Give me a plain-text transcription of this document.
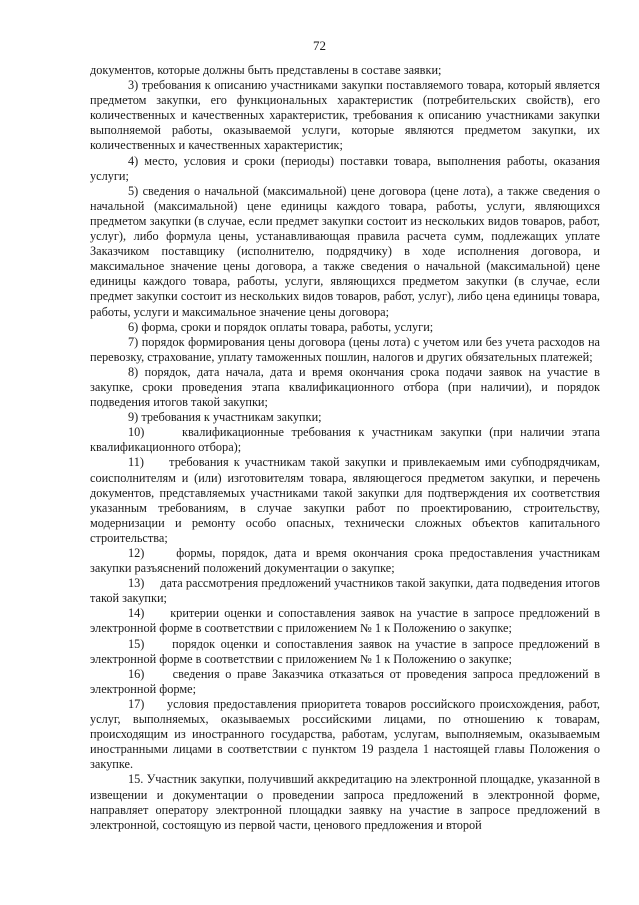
72

документов, которые должны быть представлены в составе заявки;

3) требования к описанию участниками закупки поставляемого товара, который является предметом закупки, его функциональных характеристик (потребительских свойств), его количественных и качественных характеристик, требования к описанию участниками закупки выполняемой работы, оказываемой услуги, которые являются предметом закупки, их количественных и качественных характеристик;

4) место, условия и сроки (периоды) поставки товара, выполнения работы, оказания услуги;

5) сведения о начальной (максимальной) цене договора (цене лота), а также сведения о начальной (максимальной) цене единицы каждого товара, работы, услуги, являющихся предметом закупки (в случае, если предмет закупки состоит из нескольких видов товаров, работ, услуг), либо формула цены, устанавливающая правила расчета сумм, подлежащих уплате Заказчиком поставщику (исполнителю, подрядчику) в ходе исполнения договора, и максимальное значение цены договора, а также сведения о начальной (максимальной) цене единицы каждого товара, работы, услуги, являющихся предметом закупки (в случае, если предмет закупки состоит из нескольких видов товаров, работ, услуг), либо цена единицы товара, работы, услуги и максимальное значение цены договора;

6) форма, сроки и порядок оплаты товара, работы, услуги;

7) порядок формирования цены договора (цены лота) с учетом или без учета расходов на перевозку, страхование, уплату таможенных пошлин, налогов и других обязательных платежей;

8) порядок, дата начала, дата и время окончания срока подачи заявок на участие в закупке, сроки проведения этапа квалификационного отбора (при наличии), и порядок подведения итогов такой закупки;

9) требования к участникам закупки;

10)     квалификационные требования к участникам закупки (при наличии этапа квалификационного отбора);

11)     требования к участникам такой закупки и привлекаемым ими субподрядчикам, соисполнителям и (или) изготовителям товара, являющегося предметом закупки, и перечень документов, представляемых участниками такой закупки для подтверждения их соответствия указанным требованиям, в случае закупки работ по проектированию, строительству, модернизации и ремонту особо опасных, технически сложных объектов капитального строительства;

12)     формы, порядок, дата и время окончания срока предоставления участникам закупки разъяснений положений документации о закупке;

13)     дата рассмотрения предложений участников такой закупки, дата подведения итогов такой закупки;

14)     критерии оценки и сопоставления заявок на участие в запросе предложений в электронной форме в соответствии с приложением № 1 к Положению о закупке;

15)     порядок оценки и сопоставления заявок на участие в запросе предложений в электронной форме в соответствии с приложением № 1 к Положению о закупке;

16)     сведения о праве Заказчика отказаться от проведения запроса предложений в электронной форме;

17)     условия предоставления приоритета товаров российского происхождения, работ, услуг, выполняемых, оказываемых российскими лицами, по отношению к товарам, происходящим из иностранного государства, работам, услугам, выполняемым, оказываемым иностранными лицами в соответствии с пунктом 19 раздела 1 настоящей главы Положения о закупке.

15. Участник закупки, получивший аккредитацию на электронной площадке, указанной в извещении и документации о проведении запроса предложений в электронной форме, направляет оператору электронной площадки заявку на участие в запросе предложений в электронной, состоящую из первой части, ценового предложения и второй
